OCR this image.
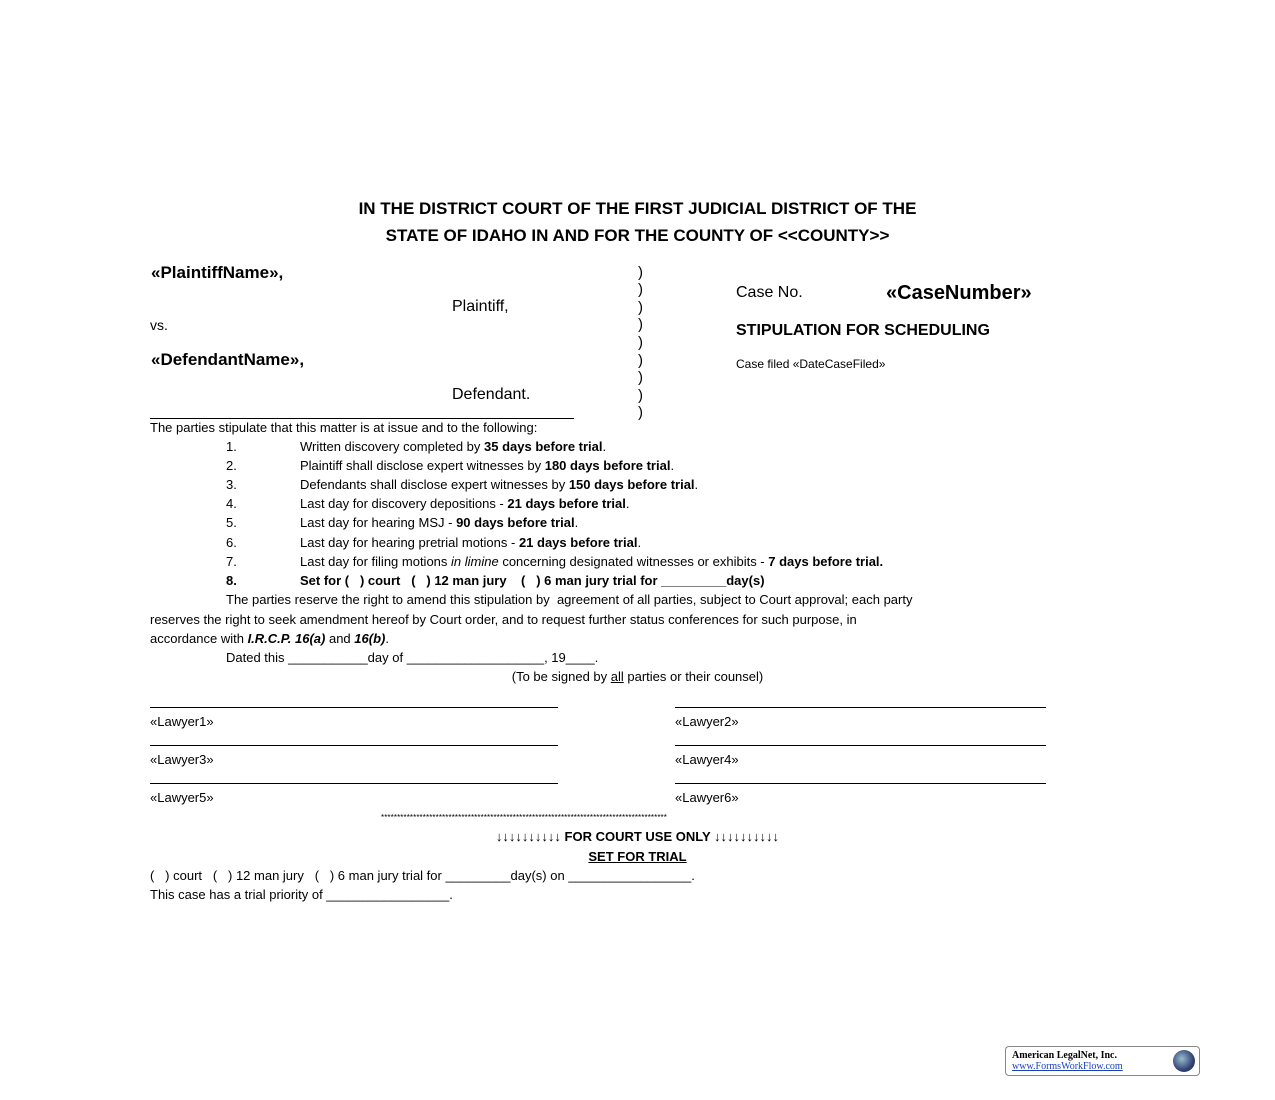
IN THE DISTRICT COURT OF THE FIRST JUDICIAL DISTRICT OF THE
STATE OF IDAHO IN AND FOR THE COUNTY OF <<COUNTY>>
«PlaintiffName»,
Plaintiff,
vs.
«DefendantName»,
Defendant.
)
)
)
)
)
)
)
)
)
Case No.	«CaseNumber»
STIPULATION FOR SCHEDULING
Case filed «DateCaseFiled»
The parties stipulate that this matter is at issue and to the following:
1.	Written discovery completed by 35 days before trial.
2.	Plaintiff shall disclose expert witnesses by 180 days before trial.
3.	Defendants shall disclose expert witnesses by 150 days before trial.
4.	Last day for discovery depositions - 21 days before trial.
5.	Last day for hearing MSJ - 90 days before trial.
6.	Last day for hearing pretrial motions - 21 days before trial.
7.	Last day for filing motions in limine concerning designated witnesses or exhibits - 7 days before trial.
8.	Set for (   ) court   (   ) 12 man jury    (   ) 6 man jury trial for _________day(s)
The parties reserve the right to amend this stipulation by  agreement of all parties, subject to Court approval; each party
reserves the right to seek amendment hereof by Court order, and to request further status conferences for such purpose, in
accordance with I.R.C.P. 16(a) and 16(b).
Dated this ___________day of ___________________, 19____.
(To be signed by all parties or their counsel)
«Lawyer1»	«Lawyer2»
«Lawyer3»	«Lawyer4»
«Lawyer5»	«Lawyer6»
*****************************************************************************************
↓↓↓↓↓↓↓↓↓↓ FOR COURT USE ONLY ↓↓↓↓↓↓↓↓↓↓
SET FOR TRIAL
(   ) court   (   ) 12 man jury   (   ) 6 man jury trial for _________day(s) on _________________.
This case has a trial priority of _________________.
American LegalNet, Inc.
www.FormsWorkFlow.com
